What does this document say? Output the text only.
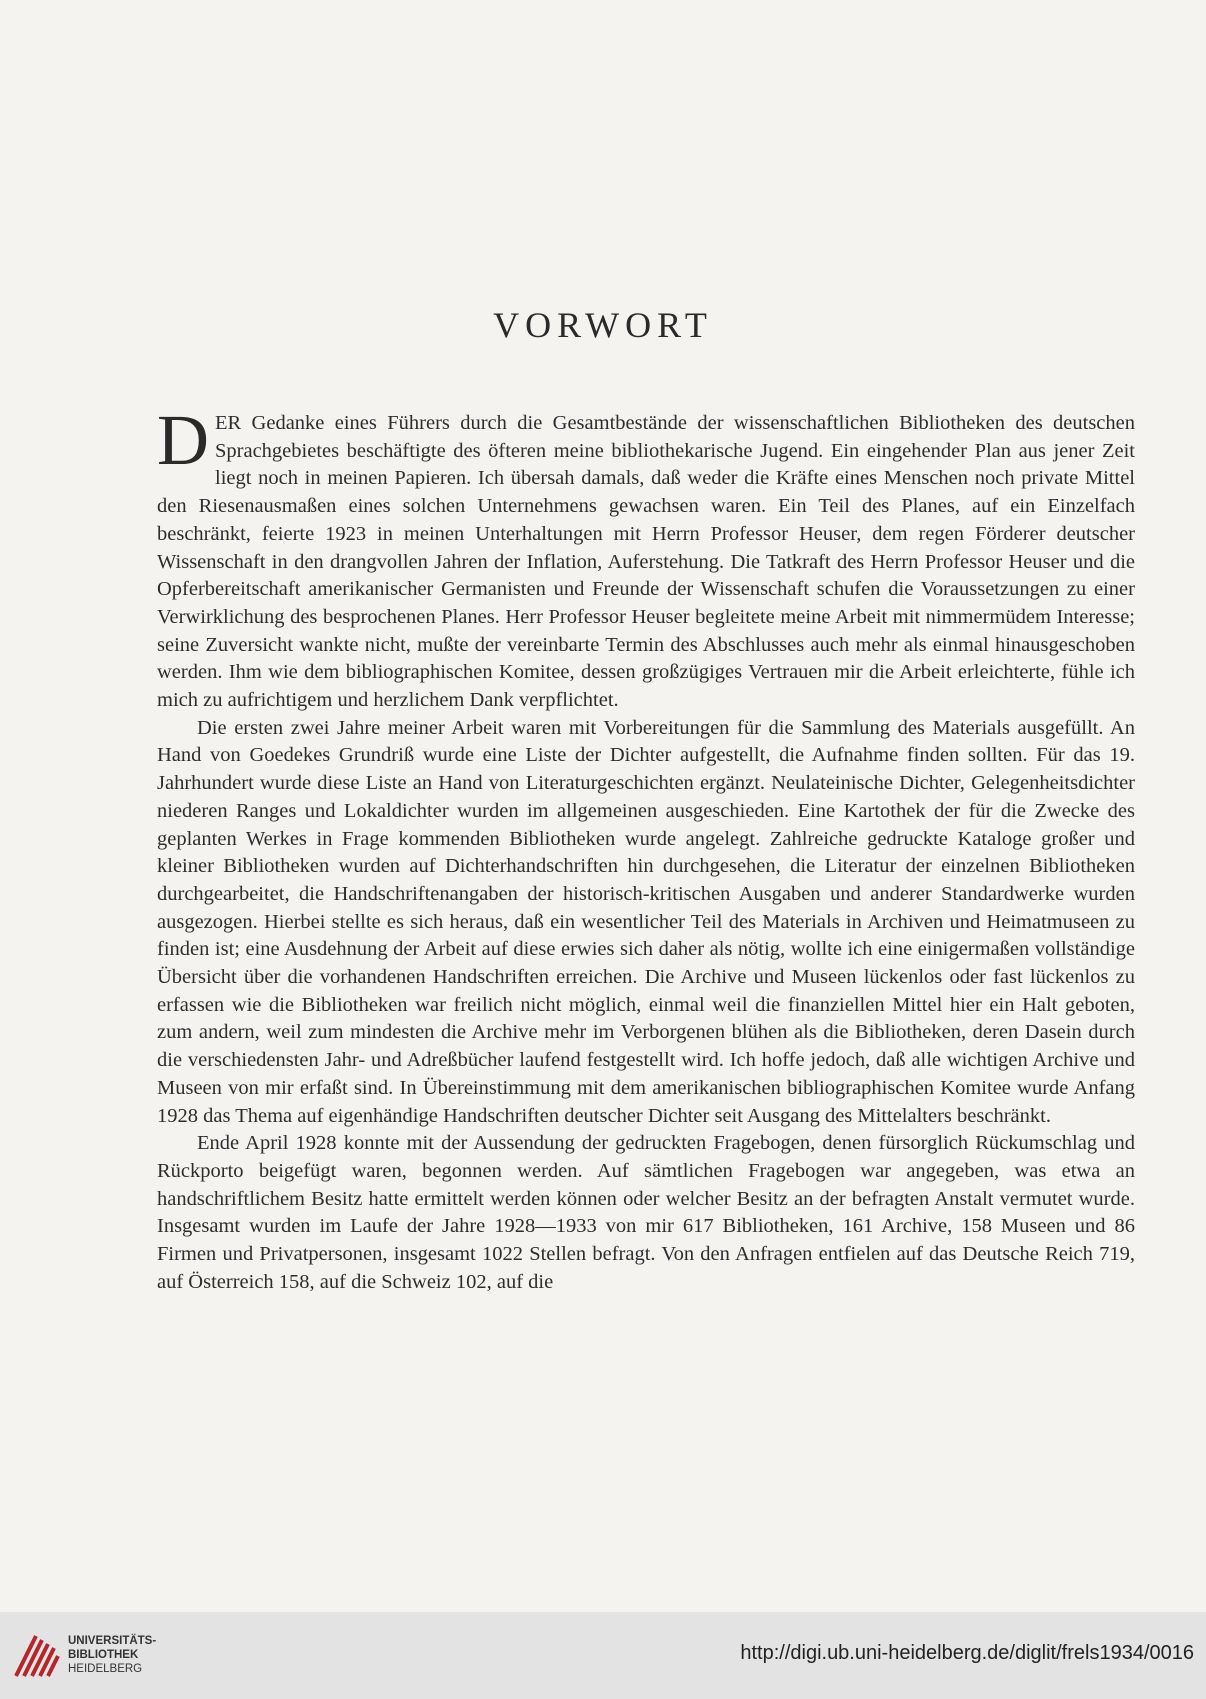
VORWORT

DER Gedanke eines Führers durch die Gesamtbestände der wissenschaftlichen Bibliotheken des deutschen Sprachgebietes beschäftigte des öfteren meine bibliothekarische Jugend. Ein eingehender Plan aus jener Zeit liegt noch in meinen Papieren. Ich übersah damals, daß weder die Kräfte eines Menschen noch private Mittel den Riesenausmaßen eines solchen Unternehmens gewachsen waren. Ein Teil des Planes, auf ein Einzelfach beschränkt, feierte 1923 in meinen Unterhaltungen mit Herrn Professor Heuser, dem regen Förderer deutscher Wissenschaft in den drangvollen Jahren der Inflation, Auferstehung. Die Tatkraft des Herrn Professor Heuser und die Opferbereitschaft amerikanischer Germanisten und Freunde der Wissenschaft schufen die Voraussetzungen zu einer Verwirklichung des besprochenen Planes. Herr Professor Heuser begleitete meine Arbeit mit nimmermüdem Interesse; seine Zuversicht wankte nicht, mußte der vereinbarte Termin des Abschlusses auch mehr als einmal hinausgeschoben werden. Ihm wie dem bibliographischen Komitee, dessen großzügiges Vertrauen mir die Arbeit erleichterte, fühle ich mich zu aufrichtigem und herzlichem Dank verpflichtet.

Die ersten zwei Jahre meiner Arbeit waren mit Vorbereitungen für die Sammlung des Materials ausgefüllt. An Hand von Goedekes Grundriß wurde eine Liste der Dichter aufgestellt, die Aufnahme finden sollten. Für das 19. Jahrhundert wurde diese Liste an Hand von Literaturgeschichten ergänzt. Neulateinische Dichter, Gelegenheitsdichter niederen Ranges und Lokaldichter wurden im allgemeinen ausgeschieden. Eine Kartothek der für die Zwecke des geplanten Werkes in Frage kommenden Bibliotheken wurde angelegt. Zahlreiche gedruckte Kataloge großer und kleiner Bibliotheken wurden auf Dichterhandschriften hin durchgesehen, die Literatur der einzelnen Bibliotheken durchgearbeitet, die Handschriftenangaben der historisch-kritischen Ausgaben und anderer Standardwerke wurden ausgezogen. Hierbei stellte es sich heraus, daß ein wesentlicher Teil des Materials in Archiven und Heimatmuseen zu finden ist; eine Ausdehnung der Arbeit auf diese erwies sich daher als nötig, wollte ich eine einigermaßen vollständige Übersicht über die vorhandenen Handschriften erreichen. Die Archive und Museen lückenlos oder fast lückenlos zu erfassen wie die Bibliotheken war freilich nicht möglich, einmal weil die finanziellen Mittel hier ein Halt geboten, zum andern, weil zum mindesten die Archive mehr im Verborgenen blühen als die Bibliotheken, deren Dasein durch die verschiedensten Jahr- und Adreßbücher laufend festgestellt wird. Ich hoffe jedoch, daß alle wichtigen Archive und Museen von mir erfaßt sind. In Übereinstimmung mit dem amerikanischen bibliographischen Komitee wurde Anfang 1928 das Thema auf eigenhändige Handschriften deutscher Dichter seit Ausgang des Mittelalters beschränkt.

Ende April 1928 konnte mit der Aussendung der gedruckten Fragebogen, denen fürsorglich Rückumschlag und Rückporto beigefügt waren, begonnen werden. Auf sämtlichen Fragebogen war angegeben, was etwa an handschriftlichem Besitz hatte ermittelt werden können oder welcher Besitz an der befragten Anstalt vermutet wurde. Insgesamt wurden im Laufe der Jahre 1928—1933 von mir 617 Bibliotheken, 161 Archive, 158 Museen und 86 Firmen und Privatpersonen, insgesamt 1022 Stellen befragt. Von den Anfragen entfielen auf das Deutsche Reich 719, auf Österreich 158, auf die Schweiz 102, auf die

UNIVERSITÄTS-
BIBLIOTHEK
HEIDELBERG
http://digi.ub.uni-heidelberg.de/diglit/frels1934/0016
